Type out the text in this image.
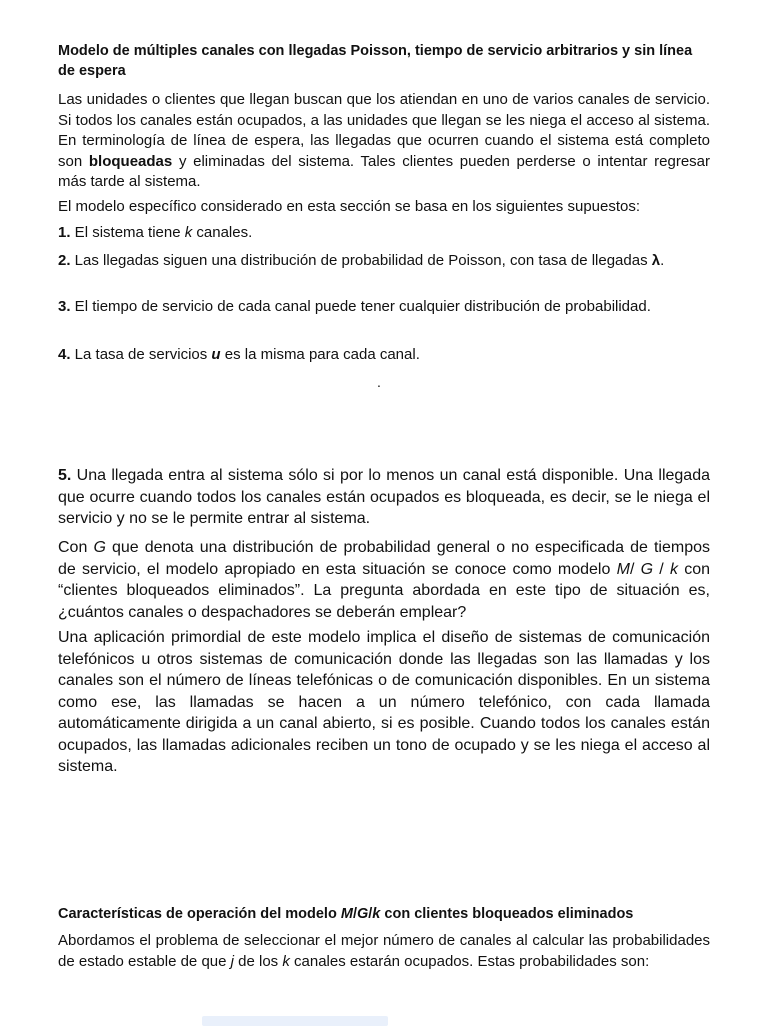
Modelo de múltiples canales con llegadas Poisson, tiempo de servicio arbitrarios y sin línea de espera

Las unidades o clientes que llegan buscan que los atiendan en uno de varios canales de servicio. Si todos los canales están ocupados, a las unidades que llegan se les niega el acceso al sistema. En terminología de línea de espera, las llegadas que ocurren cuando el sistema está completo son bloqueadas y eliminadas del sistema. Tales clientes pueden perderse o intentar regresar más tarde al sistema.

El modelo específico considerado en esta sección se basa en los siguientes supuestos:

1. El sistema tiene k canales.

2. Las llegadas siguen una distribución de probabilidad de Poisson, con tasa de llegadas λ.

3. El tiempo de servicio de cada canal puede tener cualquier distribución de probabilidad.

4. La tasa de servicios u es la misma para cada canal.

.

5. Una llegada entra al sistema sólo si por lo menos un canal está disponible. Una llegada que ocurre cuando todos los canales están ocupados es bloqueada, es decir, se le niega el servicio y no se le permite entrar al sistema.

Con G que denota una distribución de probabilidad general o no especificada de tiempos de servicio, el modelo apropiado en esta situación se conoce como modelo M/ G / k con “clientes bloqueados eliminados”. La pregunta abordada en este tipo de situación es, ¿cuántos canales o despachadores se deberán emplear?

Una aplicación primordial de este modelo implica el diseño de sistemas de comunicación telefónicos u otros sistemas de comunicación donde las llegadas son las llamadas y los canales son el número de líneas telefónicas o de comunicación disponibles. En un sistema como ese, las llamadas se hacen a un número telefónico, con cada llamada automáticamente dirigida a un canal abierto, si es posible. Cuando todos los canales están ocupados, las llamadas adicionales reciben un tono de ocupado y se les niega el acceso al sistema.

Características de operación del modelo M/G/k con clientes bloqueados eliminados

Abordamos el problema de seleccionar el mejor número de canales al calcular las probabilidades de estado estable de que j de los k canales estarán ocupados. Estas probabilidades son:
